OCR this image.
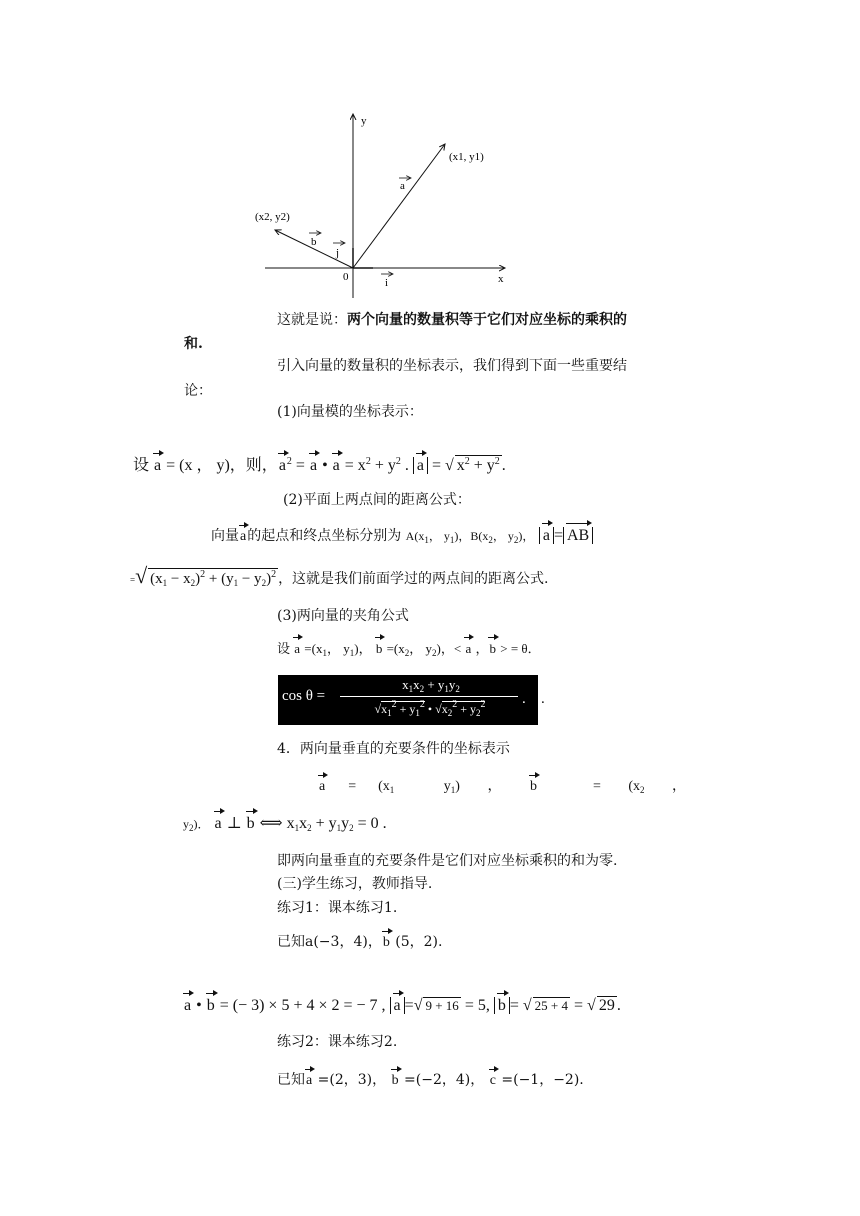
y
x
0
(x1, y1)
(x2, y2)
a
b
j
i
这就是说：两个向量的数量积等于它们对应坐标的乘积的
和.
引入向量的数量积的坐标表示，我们得到下面一些重要结
论：
(1)向量模的坐标表示：
设 a = (x ， y)，则，$a^2 = a$ • $a = x^2 + y^2$ . a = √ $x^2 + y^2$ .
(2)平面上两点间的距离公式：
向量a的起点和终点坐标分别为 $A(x_1$， $y_1$)，$B(x_2$， $y_2$)， a = AB
=√ $(x_1 - x_2)^2 + (y_1 - y_2)^2$ ，这就是我们前面学过的两点间的距离公式.
(3)两向量的夹角公式
设 $a =(x_1$， $y_1$)， $b =(x_2$， $y_2$)，< a ，b > = θ．
cos θ =
$x_1x_2 + y_1y_2$
$√x_1^2 + y_1^2$ • $√x_2^2 + y_2^2$	. .
4．两向量垂直的充要条件的坐标表示
a    =    ($x_1$         $y_1$)     ，     b          =     ($x_2$     ，
$y_2$)． a ⊥ b ⟺ $x_1x_2 + y_1y_2 = 0$ .
即两向量垂直的充要条件是它们对应坐标乘积的和为零.
(三)学生练习，教师指导.
练习1：课本练习1.
已知a(−3，4)，b (5，2).
a • b = (− 3) × 5 + 4 × 2 = − 7 , a =√ 9 + 16 = 5, b = √ 25 + 4 = √ 29 .
练习2：课本练习2.
已知a =(2，3)， b =(−2，4)， c =(−1，−2).
